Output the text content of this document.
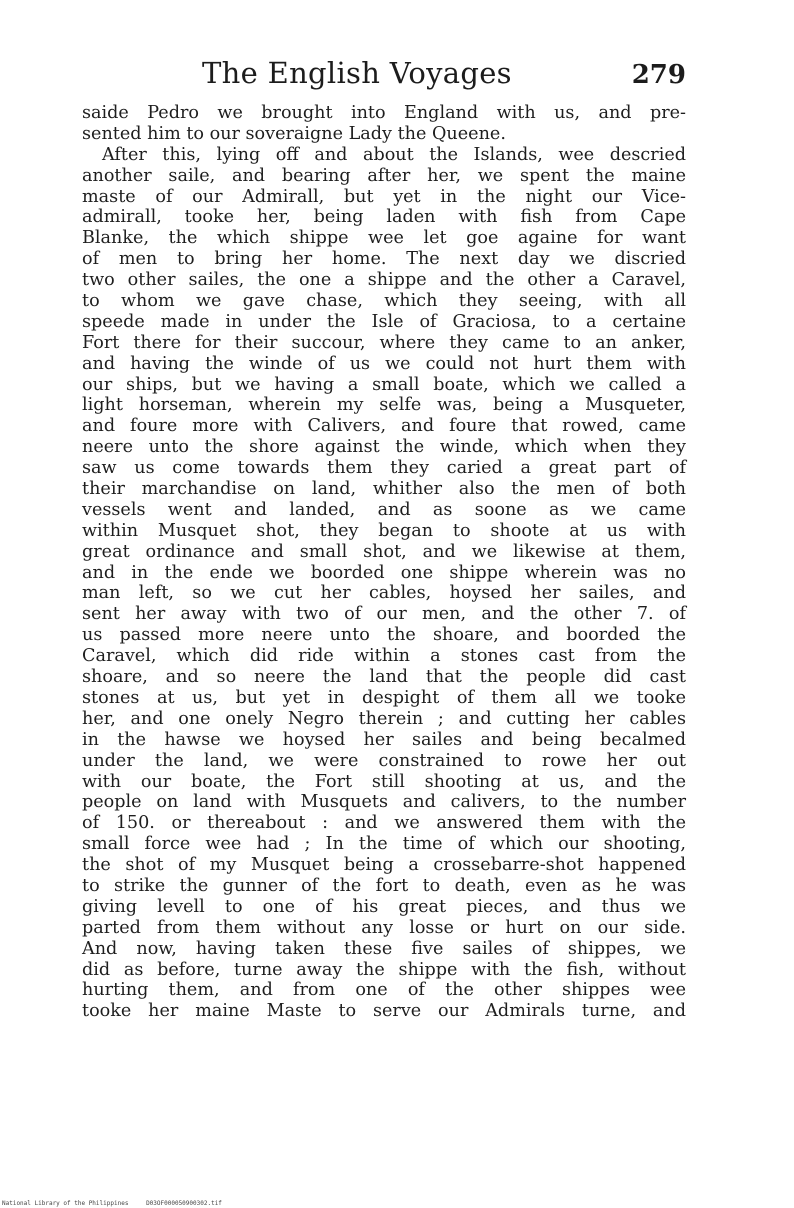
The English Voyages	279
saide Pedro we brought into England with us, and pre-
sented him to our soveraigne Lady the Queene.
After this, lying off and about the Islands, wee descried
another saile, and bearing after her, we spent the maine
maste of our Admirall, but yet in the night our Vice-
admirall, tooke her, being laden with fish from Cape
Blanke, the which shippe wee let goe againe for want
of men to bring her home. The next day we discried
two other sailes, the one a shippe and the other a Caravel,
to whom we gave chase, which they seeing, with all
speede made in under the Isle of Graciosa, to a certaine
Fort there for their succour, where they came to an anker,
and having the winde of us we could not hurt them with
our ships, but we having a small boate, which we called a
light horseman, wherein my selfe was, being a Musqueter,
and foure more with Calivers, and foure that rowed, came
neere unto the shore against the winde, which when they
saw us come towards them they caried a great part of
their marchandise on land, whither also the men of both
vessels went and landed, and as soone as we came
within Musquet shot, they began to shoote at us with
great ordinance and small shot, and we likewise at them,
and in the ende we boorded one shippe wherein was no
man left, so we cut her cables, hoysed her sailes, and
sent her away with two of our men, and the other 7. of
us passed more neere unto the shoare, and boorded the
Caravel, which did ride within a stones cast from the
shoare, and so neere the land that the people did cast
stones at us, but yet in despight of them all we tooke
her, and one onely Negro therein ; and cutting her cables
in the hawse we hoysed her sailes and being becalmed
under the land, we were constrained to rowe her out
with our boate, the Fort still shooting at us, and the
people on land with Musquets and calivers, to the number
of 150. or thereabout : and we answered them with the
small force wee had ; In the time of which our shooting,
the shot of my Musquet being a crossebarre-shot happened
to strike the gunner of the fort to death, even as he was
giving levell to one of his great pieces, and thus we
parted from them without any losse or hurt on our side.
And now, having taken these five sailes of shippes, we
did as before, turne away the shippe with the fish, without
hurting them, and from one of the other shippes wee
tooke her maine Maste to serve our Admirals turne, and
National Library of the Philippines	D03OF000050900302.tif
